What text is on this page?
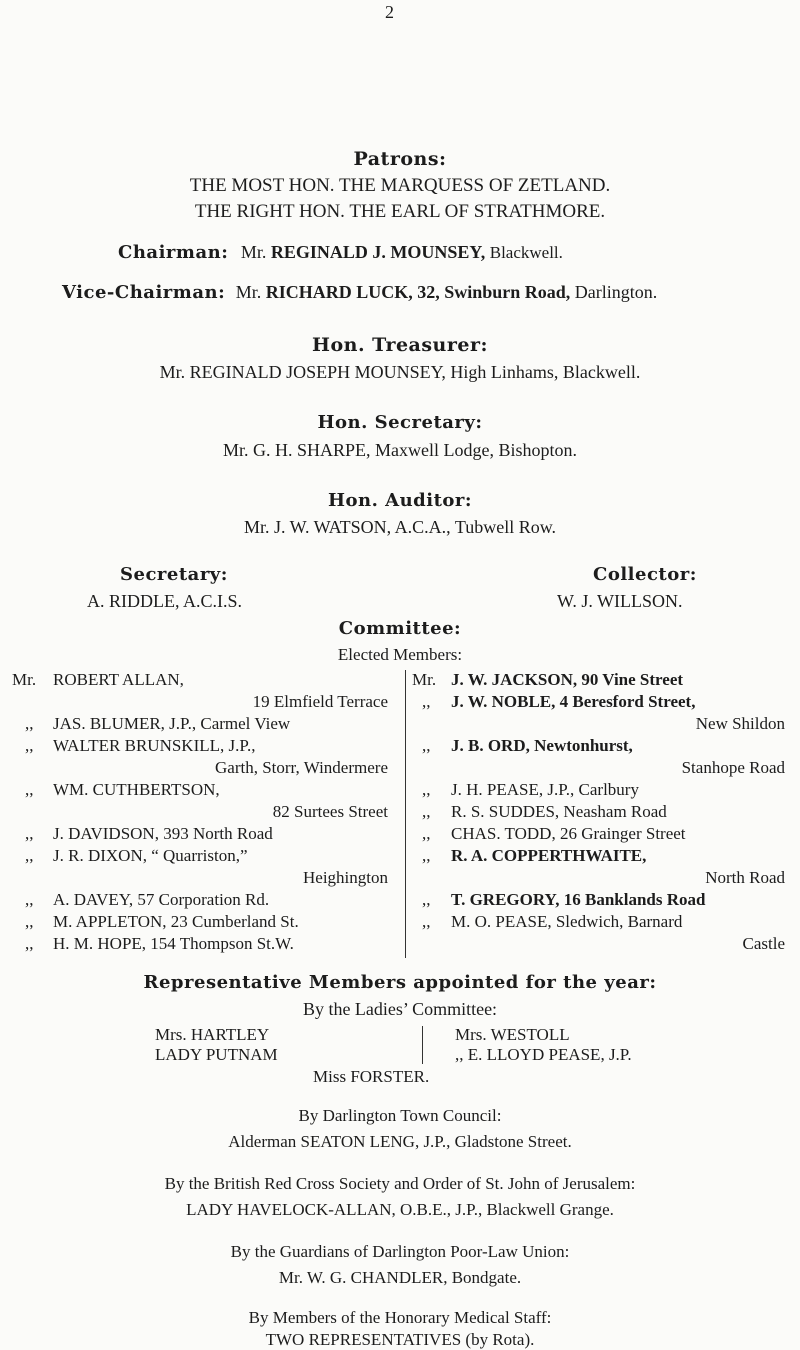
2
Patrons:
THE MOST HON. THE MARQUESS OF ZETLAND.
THE RIGHT HON. THE EARL OF STRATHMORE.
Chairman: Mr. REGINALD J. MOUNSEY, Blackwell.
Vice-Chairman: Mr. RICHARD LUCK, 32, Swinburn Road, Darlington.
Hon. Treasurer:
Mr. REGINALD JOSEPH MOUNSEY, High Linhams, Blackwell.
Hon. Secretary:
Mr. G. H. SHARPE, Maxwell Lodge, Bishopton.
Hon. Auditor:
Mr. J. W. WATSON, A.C.A., Tubwell Row.
Secretary:
A. RIDDLE, A.C.I.S.
Collector:
W. J. WILLSON.
Committee:
Elected Members:
Mr. ROBERT ALLAN,
19 Elmfield Terrace
,, JAS. BLUMER, J.P., Carmel View
,, WALTER BRUNSKILL, J.P.,
Garth, Storr, Windermere
,, WM. CUTHBERTSON,
82 Surtees Street
,, J. DAVIDSON, 393 North Road
,, J. R. DIXON, “ Quarriston,”
Heighington
,, A. DAVEY, 57 Corporation Rd.
,, M. APPLETON, 23 Cumberland St.
,, H. M. HOPE, 154 Thompson St.W.
Mr. J. W. JACKSON, 90 Vine Street
,, J. W. NOBLE, 4 Beresford Street,
New Shildon
,, J. B. ORD, Newtonhurst,
Stanhope Road
,, J. H. PEASE, J.P., Carlbury
,, R. S. SUDDES, Neasham Road
,, CHAS. TODD, 26 Grainger Street
,, R. A. COPPERTHWAITE,
North Road
,, T. GREGORY, 16 Banklands Road
,, M. O. PEASE, Sledwich, Barnard
Castle
Representative Members appointed for the year:
By the Ladies’ Committee:
Mrs. HARTLEY
LADY PUTNAM
Mrs. WESTOLL
,, E. LLOYD PEASE, J.P.
Miss FORSTER.
By Darlington Town Council:
Alderman SEATON LENG, J.P., Gladstone Street.
By the British Red Cross Society and Order of St. John of Jerusalem:
LADY HAVELOCK-ALLAN, O.B.E., J.P., Blackwell Grange.
By the Guardians of Darlington Poor-Law Union:
Mr. W. G. CHANDLER, Bondgate.
By Members of the Honorary Medical Staff:
TWO REPRESENTATIVES (by Rota).
